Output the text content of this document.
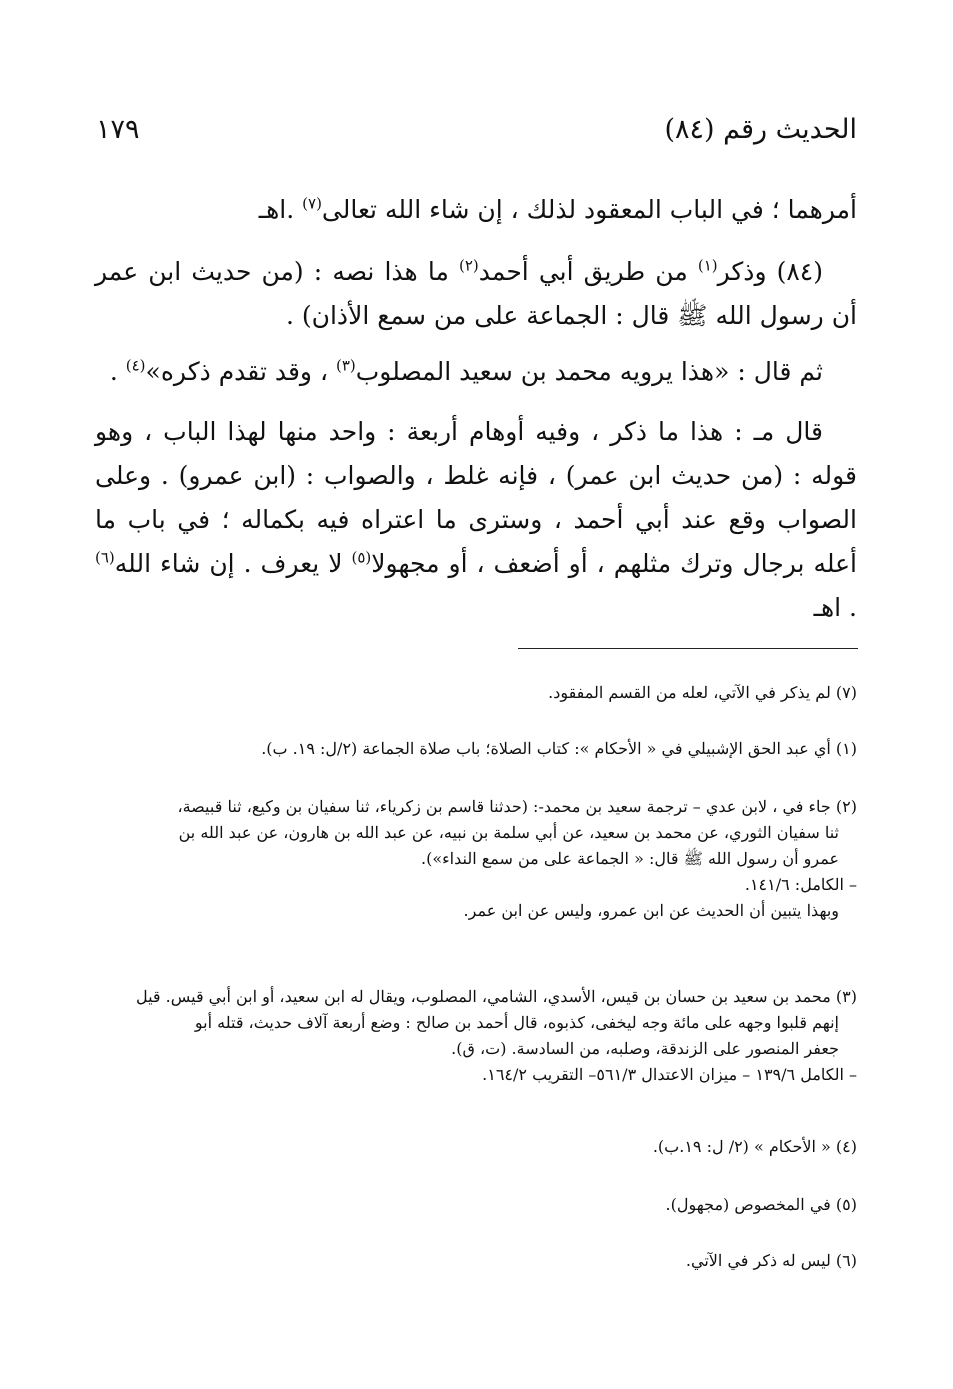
الحديث رقم (٨٤)
١٧٩
أمرهما ؛ في الباب المعقود لذلك ، إن شاء الله تعالى$^{(٧)}$ .اهـ
(٨٤) وذكر$^{(١)}$ من طريق أبي أحمد$^{(٢)}$ ما هذا نصه : (من حديث ابن عمر أن رسول الله ﷺ قال : الجماعة على من سمع الأذان) .
ثم قال : «هذا يرويه محمد بن سعيد المصلوب$^{(٣)}$ ، وقد تقدم ذكره»$^{(٤)}$ .
قال مـ : هذا ما ذكر ، وفيه أوهام أربعة : واحد منها لهذا الباب ، وهو قوله : (من حديث ابن عمر) ، فإنه غلط ، والصواب : (ابن عمرو) . وعلى الصواب وقع عند أبي أحمد ، وسترى ما اعتراه فيه بكماله ؛ في باب ما أعله برجال وترك مثلهم ، أو أضعف ، أو مجهولا$^{(٥)}$ لا يعرف . إن شاء الله$^{(٦)}$ . اهـ
(٧) لم يذكر في الآتي، لعله من القسم المفقود.
(١) أي عبد الحق الإشبيلي في « الأحكام »: كتاب الصلاة؛ باب صلاة الجماعة (٢/ل: ١٩. ب).
(٢) جاء في ، لابن عدي – ترجمة سعيد بن محمد-: (حدثنا قاسم بن زكرياء، ثنا سفيان بن وكيع، ثنا قبيصة،
ثنا سفيان الثوري، عن محمد بن سعيد، عن أبي سلمة بن نبيه، عن عبد الله بن هارون، عن عبد الله بن
عمرو أن رسول الله ﷺ قال: « الجماعة على من سمع النداء»).
– الكامل: ١٤١/٦.
وبهذا يتبين أن الحديث عن ابن عمرو، وليس عن ابن عمر.
(٣) محمد بن سعيد بن حسان بن قيس، الأسدي، الشامي، المصلوب، ويقال له ابن سعيد، أو ابن أبي قيس. قيل
إنهم قلبوا وجهه على مائة وجه ليخفى، كذبوه، قال أحمد بن صالح : وضع أربعة آلاف حديث، قتله أبو
جعفر المنصور على الزندقة، وصلبه، من السادسة. (ت، ق).
– الكامل ١٣٩/٦ – ميزان الاعتدال ٥٦١/٣– التقريب ١٦٤/٢.
(٤) « الأحكام » (٢/ ل: ١٩.ب).
(٥) في المخصوص (مجهول).
(٦) ليس له ذكر في الآتي.
